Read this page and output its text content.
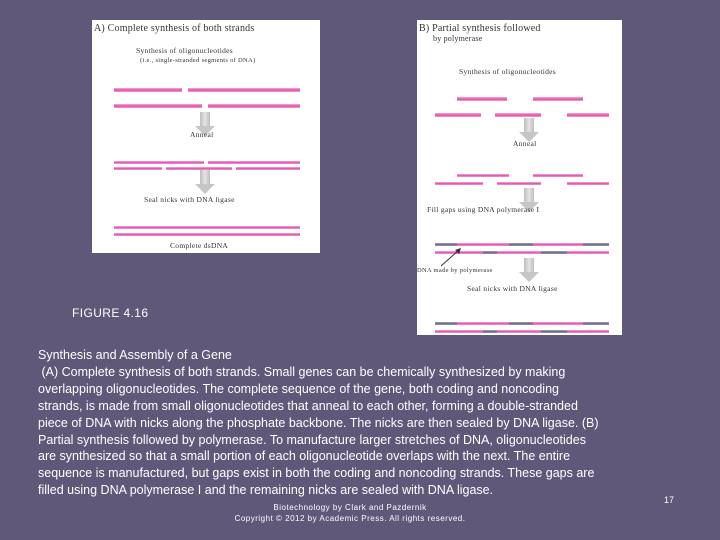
A) Complete synthesis of both strands
Synthesis of oligonucleotides
(i.e., single-stranded segments of DNA)
Anneal
Seal nicks with DNA ligase
Complete dsDNA
B) Partial synthesis followed
by polymerase
Synthesis of oligonucleotides
Anneal
Fill gaps using DNA polymerase I
DNA made by polymerase
Seal nicks with DNA ligase
FIGURE 4.16
Synthesis and Assembly of a Gene
(A) Complete synthesis of both strands. Small genes can be chemically synthesized by making
overlapping oligonucleotides. The complete sequence of the gene, both coding and noncoding
strands, is made from small oligonucleotides that anneal to each other, forming a double-stranded
piece of DNA with nicks along the phosphate backbone. The nicks are then sealed by DNA ligase. (B)
Partial synthesis followed by polymerase. To manufacture larger stretches of DNA, oligonucleotides
are synthesized so that a small portion of each oligonucleotide overlaps with the next. The entire
sequence is manufactured, but gaps exist in both the coding and noncoding strands. These gaps are
filled using DNA polymerase I and the remaining nicks are sealed with DNA ligase.
Biotechnology by Clark and Pazdernik
Copyright © 2012 by Academic Press. All rights reserved.
17
